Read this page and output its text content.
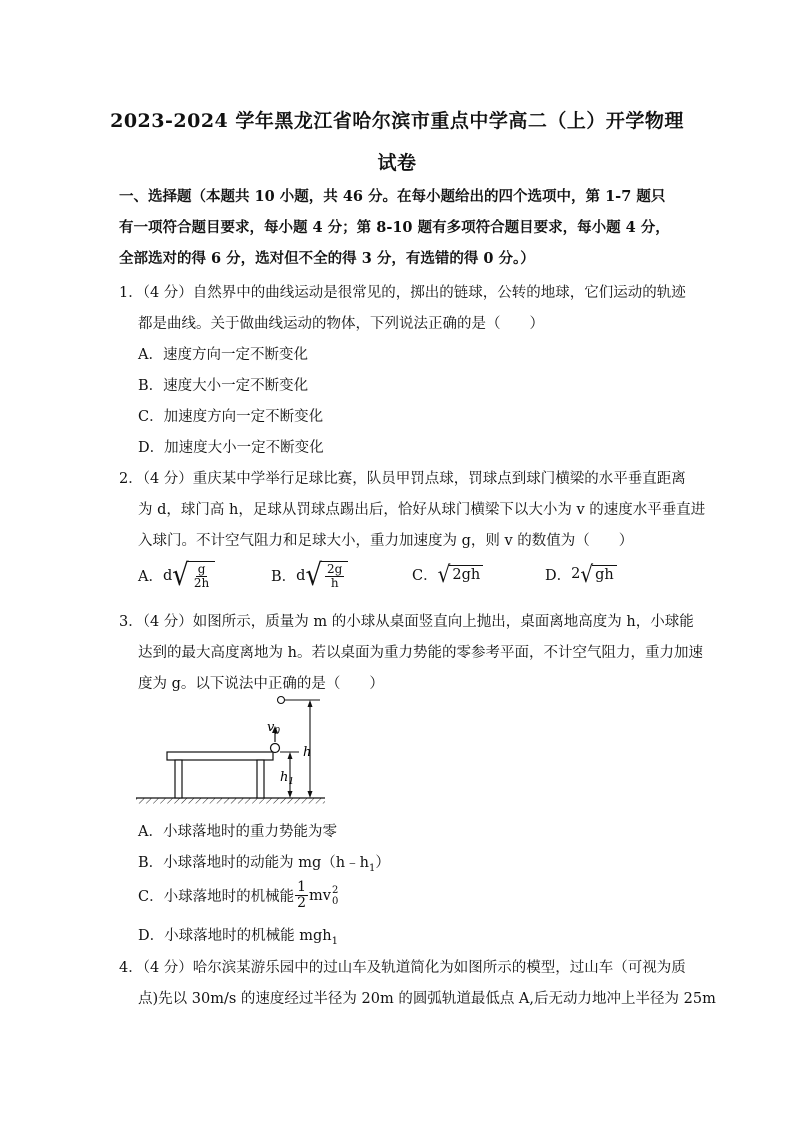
2023-2024 学年黑龙江省哈尔滨市重点中学高二（上）开学物理
试卷
一、选择题（本题共 10 小题，共 46 分。在每小题给出的四个选项中，第 1-7 题只有一项符合题目要求，每小题 4 分；第 8-10 题有多项符合题目要求，每小题 4 分，全部选对的得 6 分，选对但不全的得 3 分，有选错的得 0 分。）
1．（4 分）自然界中的曲线运动是很常见的，掷出的链球，公转的地球，它们运动的轨迹
都是曲线。关于做曲线运动的物体，下列说法正确的是（　　）
A．速度方向一定不断变化
B．速度大小一定不断变化
C．加速度方向一定不断变化
D．加速度大小一定不断变化
2．（4 分）重庆某中学举行足球比赛，队员甲罚点球，罚球点到球门横梁的水平垂直距离
为 d，球门高 h，足球从罚球点踢出后，恰好从球门横梁下以大小为 v 的速度水平垂直进
入球门。不计空气阻力和足球大小，重力加速度为 g，则 v 的数值为（　　）
A． d √ $\frac{g}{2h}$	B． d √ $\frac{2g}{h}$	C． √ 2gh	D． 2 √ gh
3．（4 分）如图所示，质量为 m 的小球从桌面竖直向上抛出，桌面离地高度为 h，小球能
达到的最大高度离地为 h。若以桌面为重力势能的零参考平面，不计空气阻力，重力加速
度为 g。以下说法中正确的是（　　）
$v_0$
h
$h_1$
A．小球落地时的重力势能为零
B．小球落地时的动能为 $mg(h﹣h_1)$
C．小球落地时的机械能 $\frac{1}{2}$ mv 2
0
D．小球落地时的机械能 mgh$_1$
4．（4 分）哈尔滨某游乐园中的过山车及轨道简化为如图所示的模型，过山车（可视为质
点)先以 30m/s 的速度经过半径为 20m 的圆弧轨道最低点 A,后无动力地冲上半径为 25m
